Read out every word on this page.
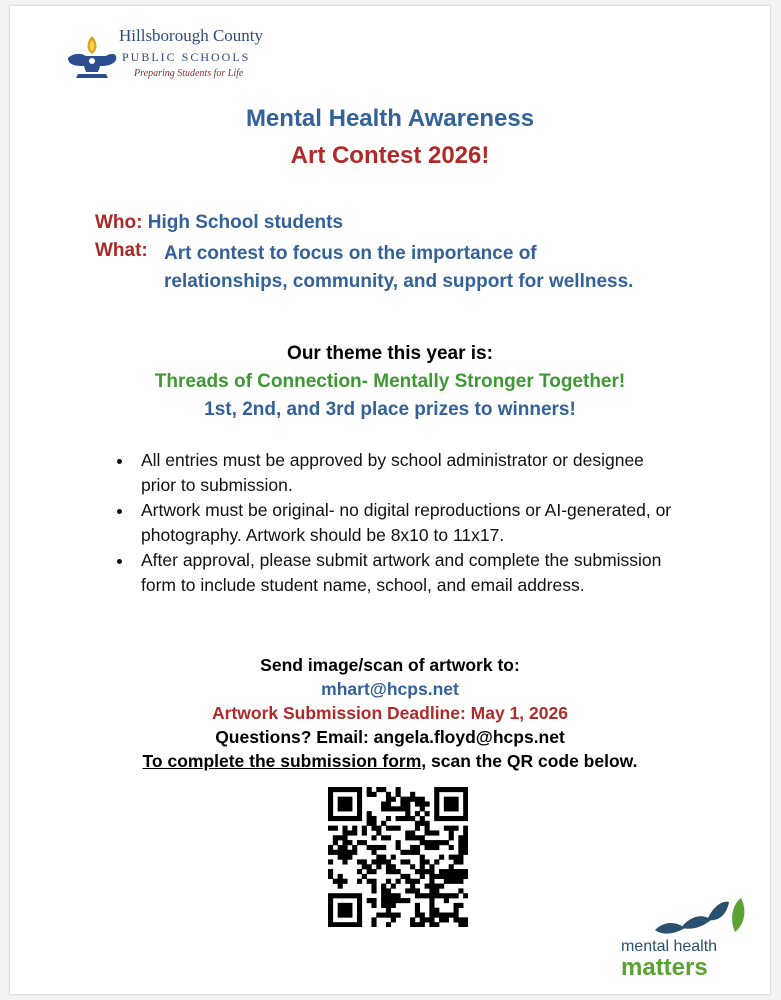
Hillsborough County
PUBLIC SCHOOLS
Preparing Students for Life
Mental Health Awareness
Art Contest 2026!
Who: High School students
What: Art contest to focus on the importance of relationships, community, and support for wellness.
Our theme this year is:
Threads of Connection- Mentally Stronger Together!
1st, 2nd, and 3rd place prizes to winners!
All entries must be approved by school administrator or designee prior to submission.
Artwork must be original- no digital reproductions or AI-generated, or photography. Artwork should be 8x10 to 11x17.
After approval, please submit artwork and complete the submission form to include student name, school, and email address.
Send image/scan of artwork to:
mhart@hcps.net
Artwork Submission Deadline: May 1, 2026
Questions? Email: angela.floyd@hcps.net
To complete the submission form, scan the QR code below.
mental health
matters
